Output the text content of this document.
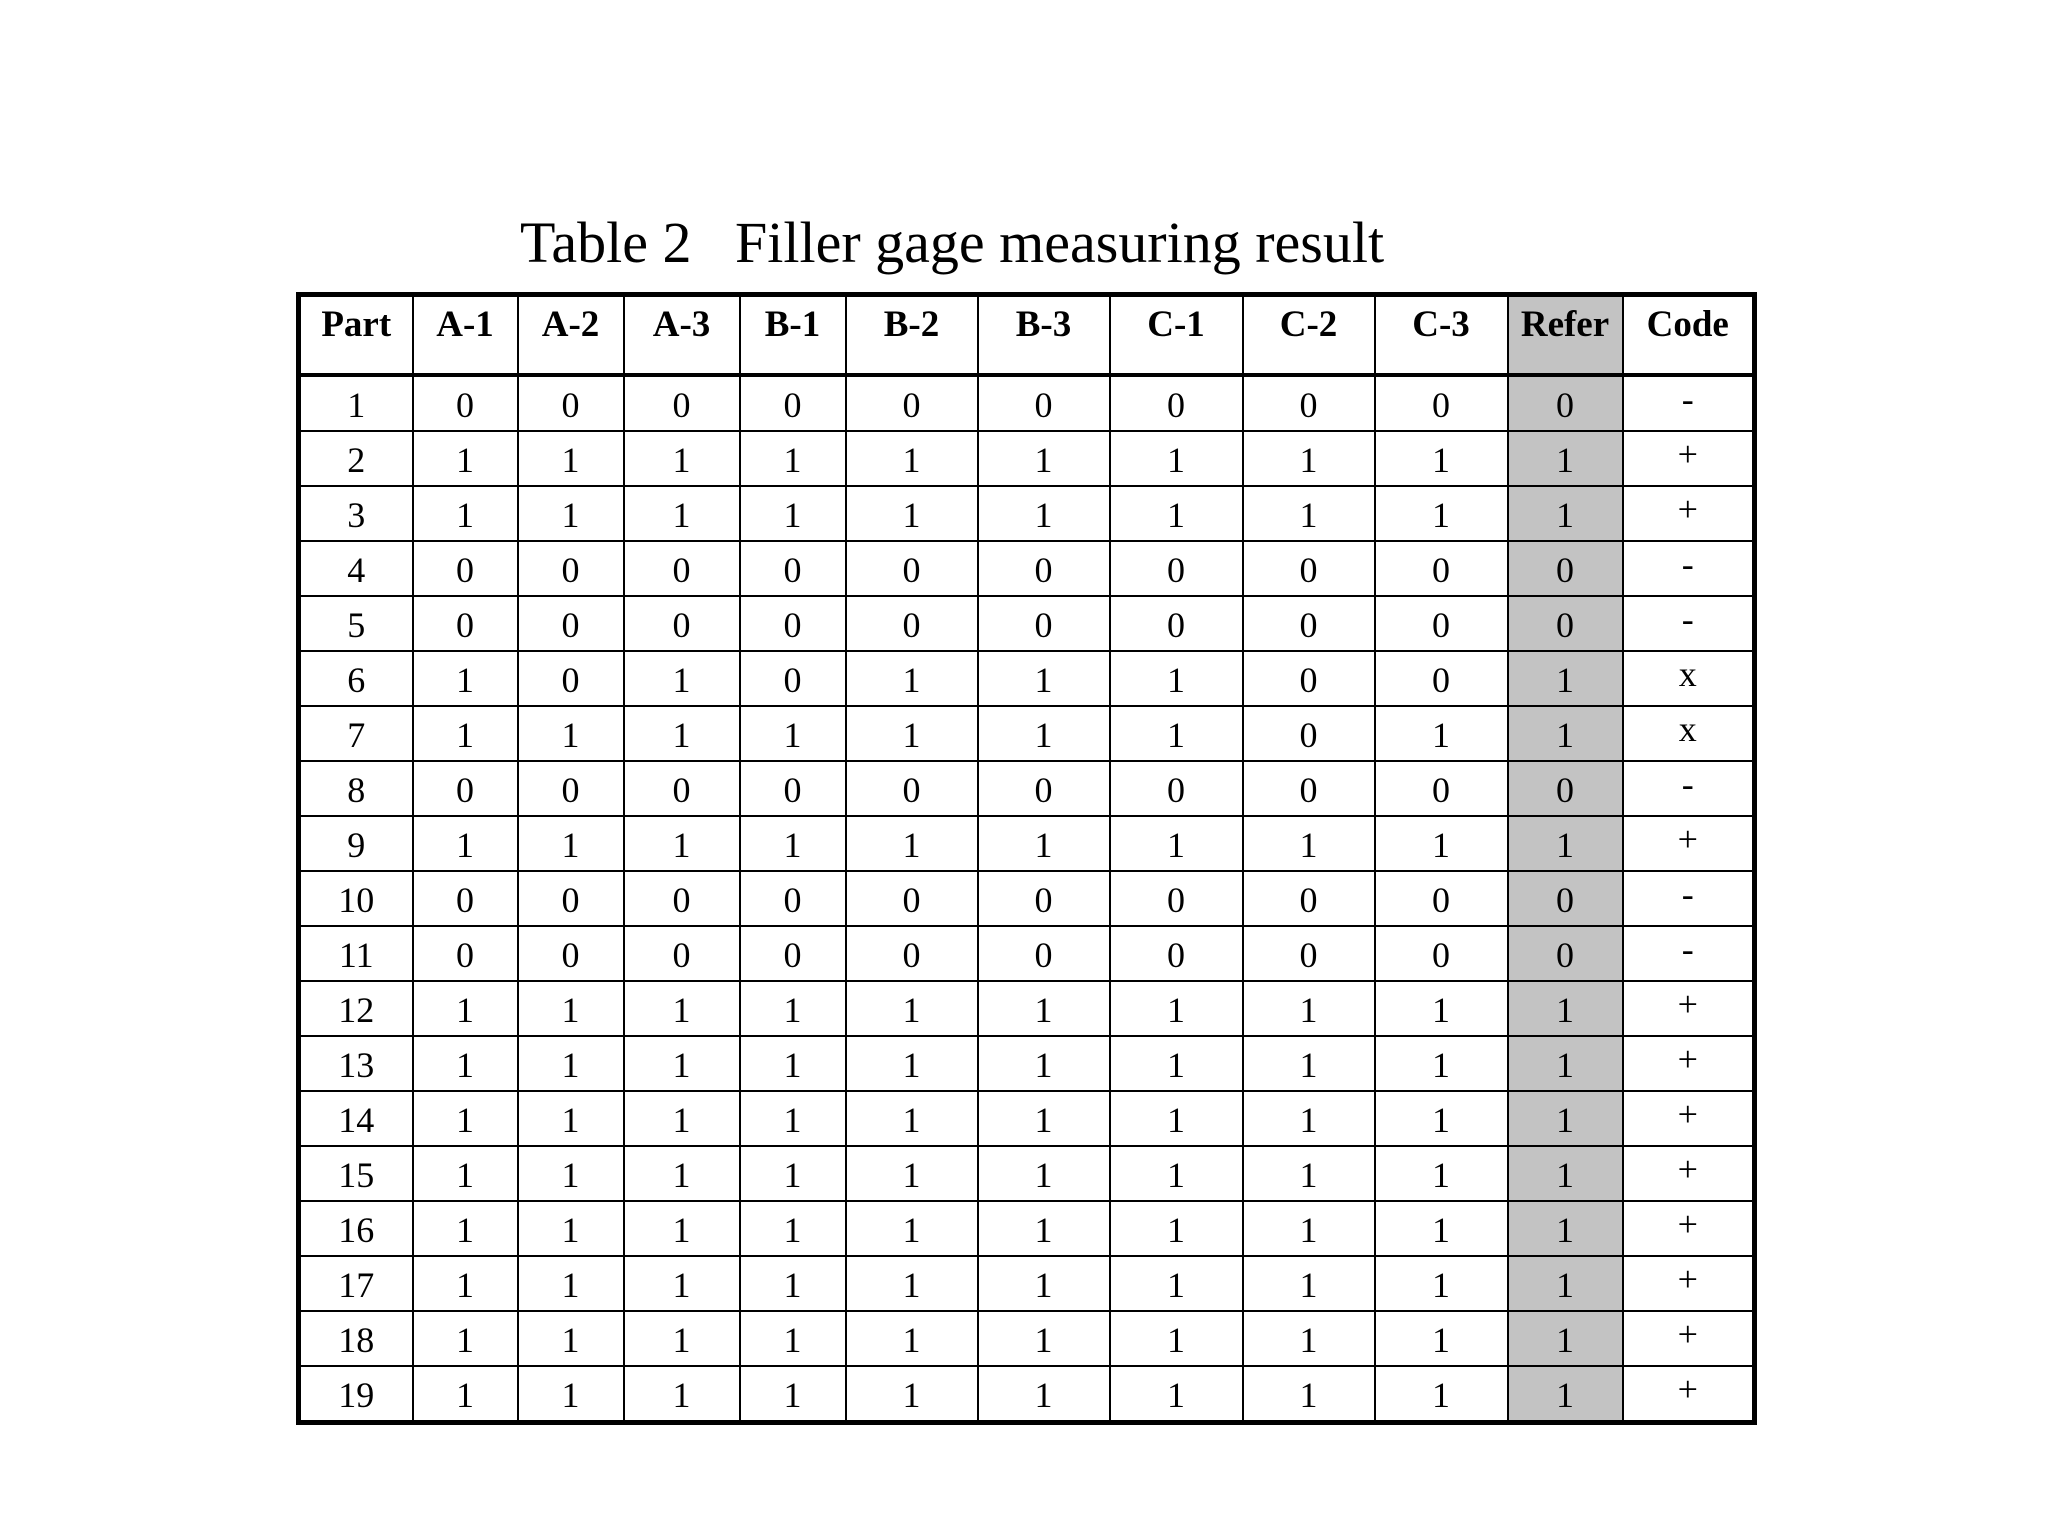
Table 2   Filler gage measuring result
Part	A-1	A-2	A-3	B-1	B-2	B-3	C-1	C-2	C-3	Refer	Code
1	0	0	0	0	0	0	0	0	0	0	-
2	1	1	1	1	1	1	1	1	1	1	+
3	1	1	1	1	1	1	1	1	1	1	+
4	0	0	0	0	0	0	0	0	0	0	-
5	0	0	0	0	0	0	0	0	0	0	-
6	1	0	1	0	1	1	1	0	0	1	x
7	1	1	1	1	1	1	1	0	1	1	x
8	0	0	0	0	0	0	0	0	0	0	-
9	1	1	1	1	1	1	1	1	1	1	+
10	0	0	0	0	0	0	0	0	0	0	-
11	0	0	0	0	0	0	0	0	0	0	-
12	1	1	1	1	1	1	1	1	1	1	+
13	1	1	1	1	1	1	1	1	1	1	+
14	1	1	1	1	1	1	1	1	1	1	+
15	1	1	1	1	1	1	1	1	1	1	+
16	1	1	1	1	1	1	1	1	1	1	+
17	1	1	1	1	1	1	1	1	1	1	+
18	1	1	1	1	1	1	1	1	1	1	+
19	1	1	1	1	1	1	1	1	1	1	+
